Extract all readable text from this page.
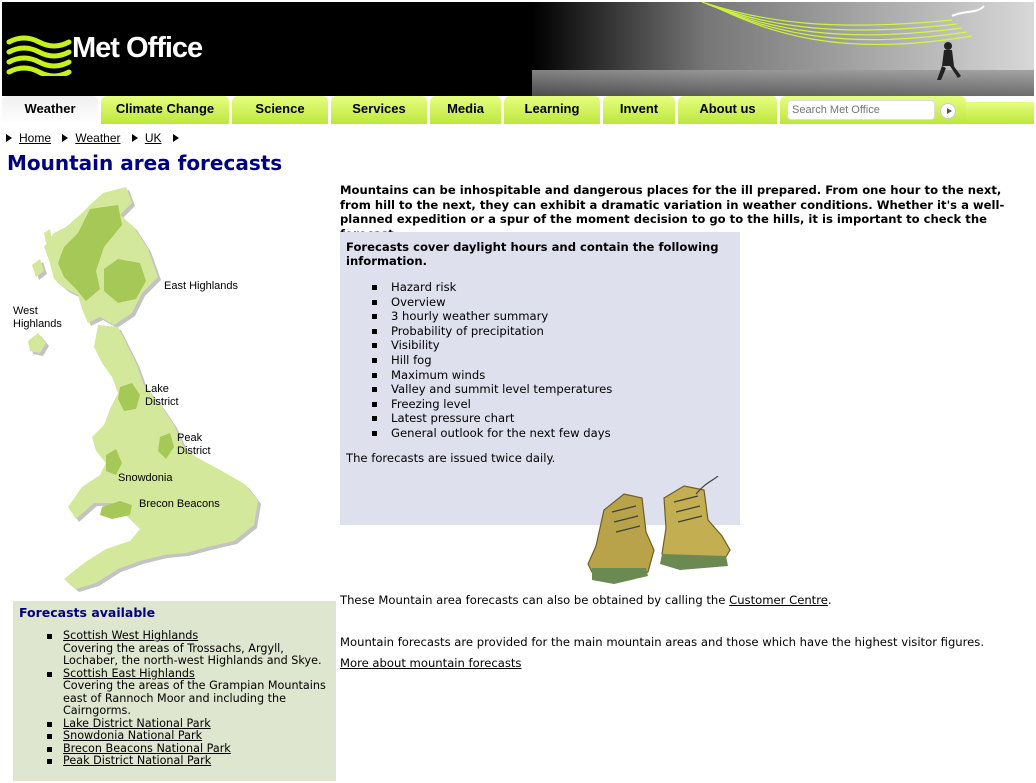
Met Office
Weather	Climate Change	Science	Services	Media	Learning	Invent	About us
Search Met Office
Home Weather UK
Mountain area forecasts
East Highlands
West
Highlands
Lake
District
Peak
District
Snowdonia
Brecon Beacons
Forecasts available
Scottish West Highlands
Covering the areas of Trossachs, Argyll, Lochaber, the north-west Highlands and Skye.
Scottish East Highlands
Covering the areas of the Grampian Mountains east of Rannoch Moor and including the Cairngorms.
Lake District National Park
Snowdonia National Park
Brecon Beacons National Park
Peak District National Park

Mountains can be inhospitable and dangerous places for the ill prepared. From one hour to the next, from hill to the next, they can exhibit a dramatic variation in weather conditions. Whether it's a well-planned expedition or a spur of the moment decision to go to the hills, it is important to check the

Forecasts cover daylight hours and contain the following information.
Hazard risk
Overview
3 hourly weather summary
Probability of precipitation
Visibility
Hill fog
Maximum winds
Valley and summit level temperatures
Freezing level
Latest pressure chart
General outlook for the next few days
The forecasts are issued twice daily.
These Mountain area forecasts can also be obtained by calling the Customer Centre.
Mountain forecasts are provided for the main mountain areas and those which have the highest visitor figures.
More about mountain forecasts
